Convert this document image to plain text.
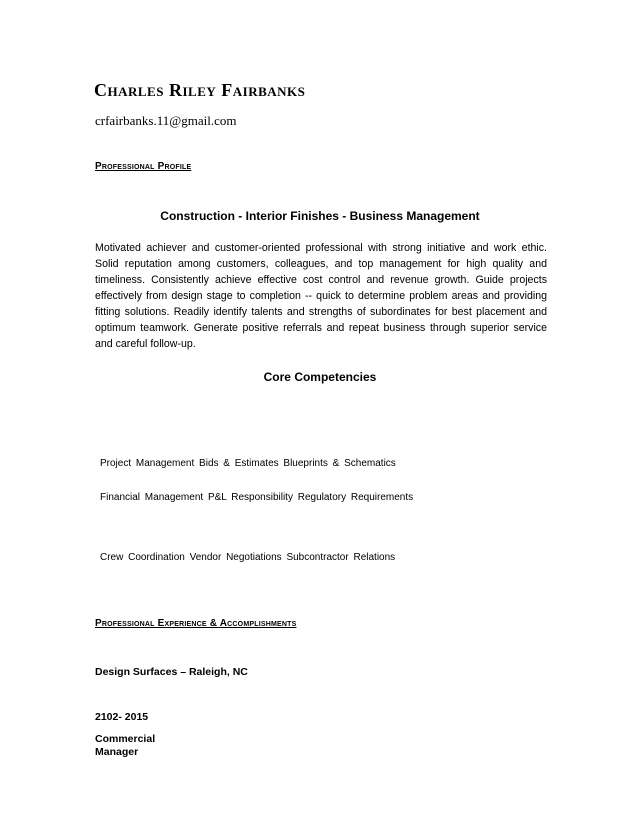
Charles Riley Fairbanks
crfairbanks.11@gmail.com
Professional Profile
Construction - Interior Finishes - Business Management
Motivated achiever and customer-oriented professional with strong initiative and work ethic. Solid reputation among customers, colleagues, and top management for high quality and timeliness. Consistently achieve effective cost control and revenue growth. Guide projects effectively from design stage to completion -- quick to determine problem areas and providing fitting solutions. Readily identify talents and strengths of subordinates for best placement and optimum teamwork. Generate positive referrals and repeat business through superior service and careful follow-up.
Core Competencies
Project Management Bids & Estimates Blueprints & Schematics
Financial Management P&L Responsibility Regulatory Requirements
Crew Coordination Vendor Negotiations Subcontractor Relations
Professional Experience & Accomplishments
Design Surfaces – Raleigh, NC
2102- 2015
Commercial Manager
